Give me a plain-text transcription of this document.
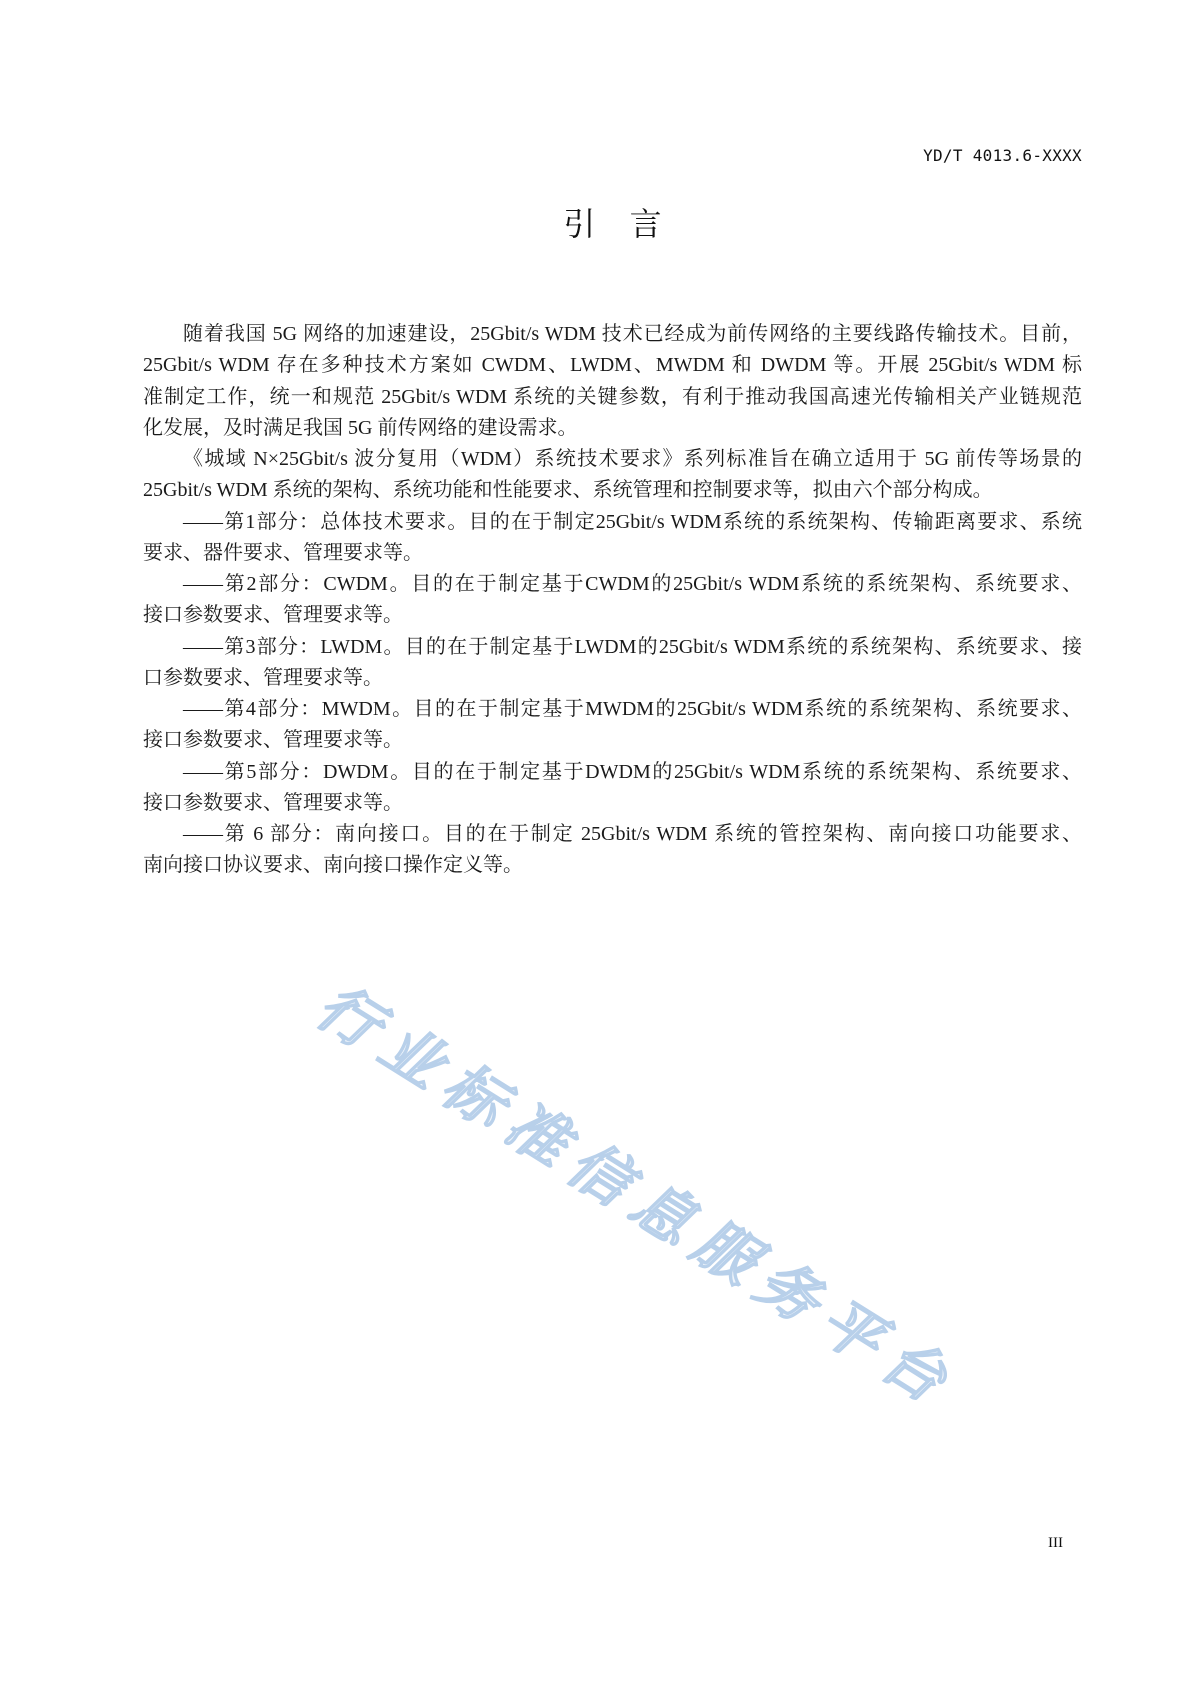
YD/T 4013.6-XXXX
引 言
随着我国 5G 网络的加速建设，25Gbit/s WDM 技术已经成为前传网络的主要线路传输技术。目前，
25Gbit/s WDM 存在多种技术方案如 CWDM、LWDM、MWDM 和 DWDM 等。开展 25Gbit/s WDM 标
准制定工作，统一和规范 25Gbit/s WDM 系统的关键参数，有利于推动我国高速光传输相关产业链规范
化发展，及时满足我国 5G 前传网络的建设需求。
《城域 N×25Gbit/s 波分复用（WDM）系统技术要求》系列标准旨在确立适用于 5G 前传等场景的
25Gbit/s WDM 系统的架构、系统功能和性能要求、系统管理和控制要求等，拟由六个部分构成。
——第1部分：总体技术要求。目的在于制定25Gbit/s WDM系统的系统架构、传输距离要求、系统
要求、器件要求、管理要求等。
——第2部分：CWDM。目的在于制定基于CWDM的25Gbit/s WDM系统的系统架构、系统要求、
接口参数要求、管理要求等。
——第3部分：LWDM。目的在于制定基于LWDM的25Gbit/s WDM系统的系统架构、系统要求、接
口参数要求、管理要求等。
——第4部分：MWDM。目的在于制定基于MWDM的25Gbit/s WDM系统的系统架构、系统要求、
接口参数要求、管理要求等。
——第5部分：DWDM。目的在于制定基于DWDM的25Gbit/s WDM系统的系统架构、系统要求、
接口参数要求、管理要求等。
——第 6 部分：南向接口。目的在于制定 25Gbit/s WDM 系统的管控架构、南向接口功能要求、
南向接口协议要求、南向接口操作定义等。
行业标准信息服务平台
III
